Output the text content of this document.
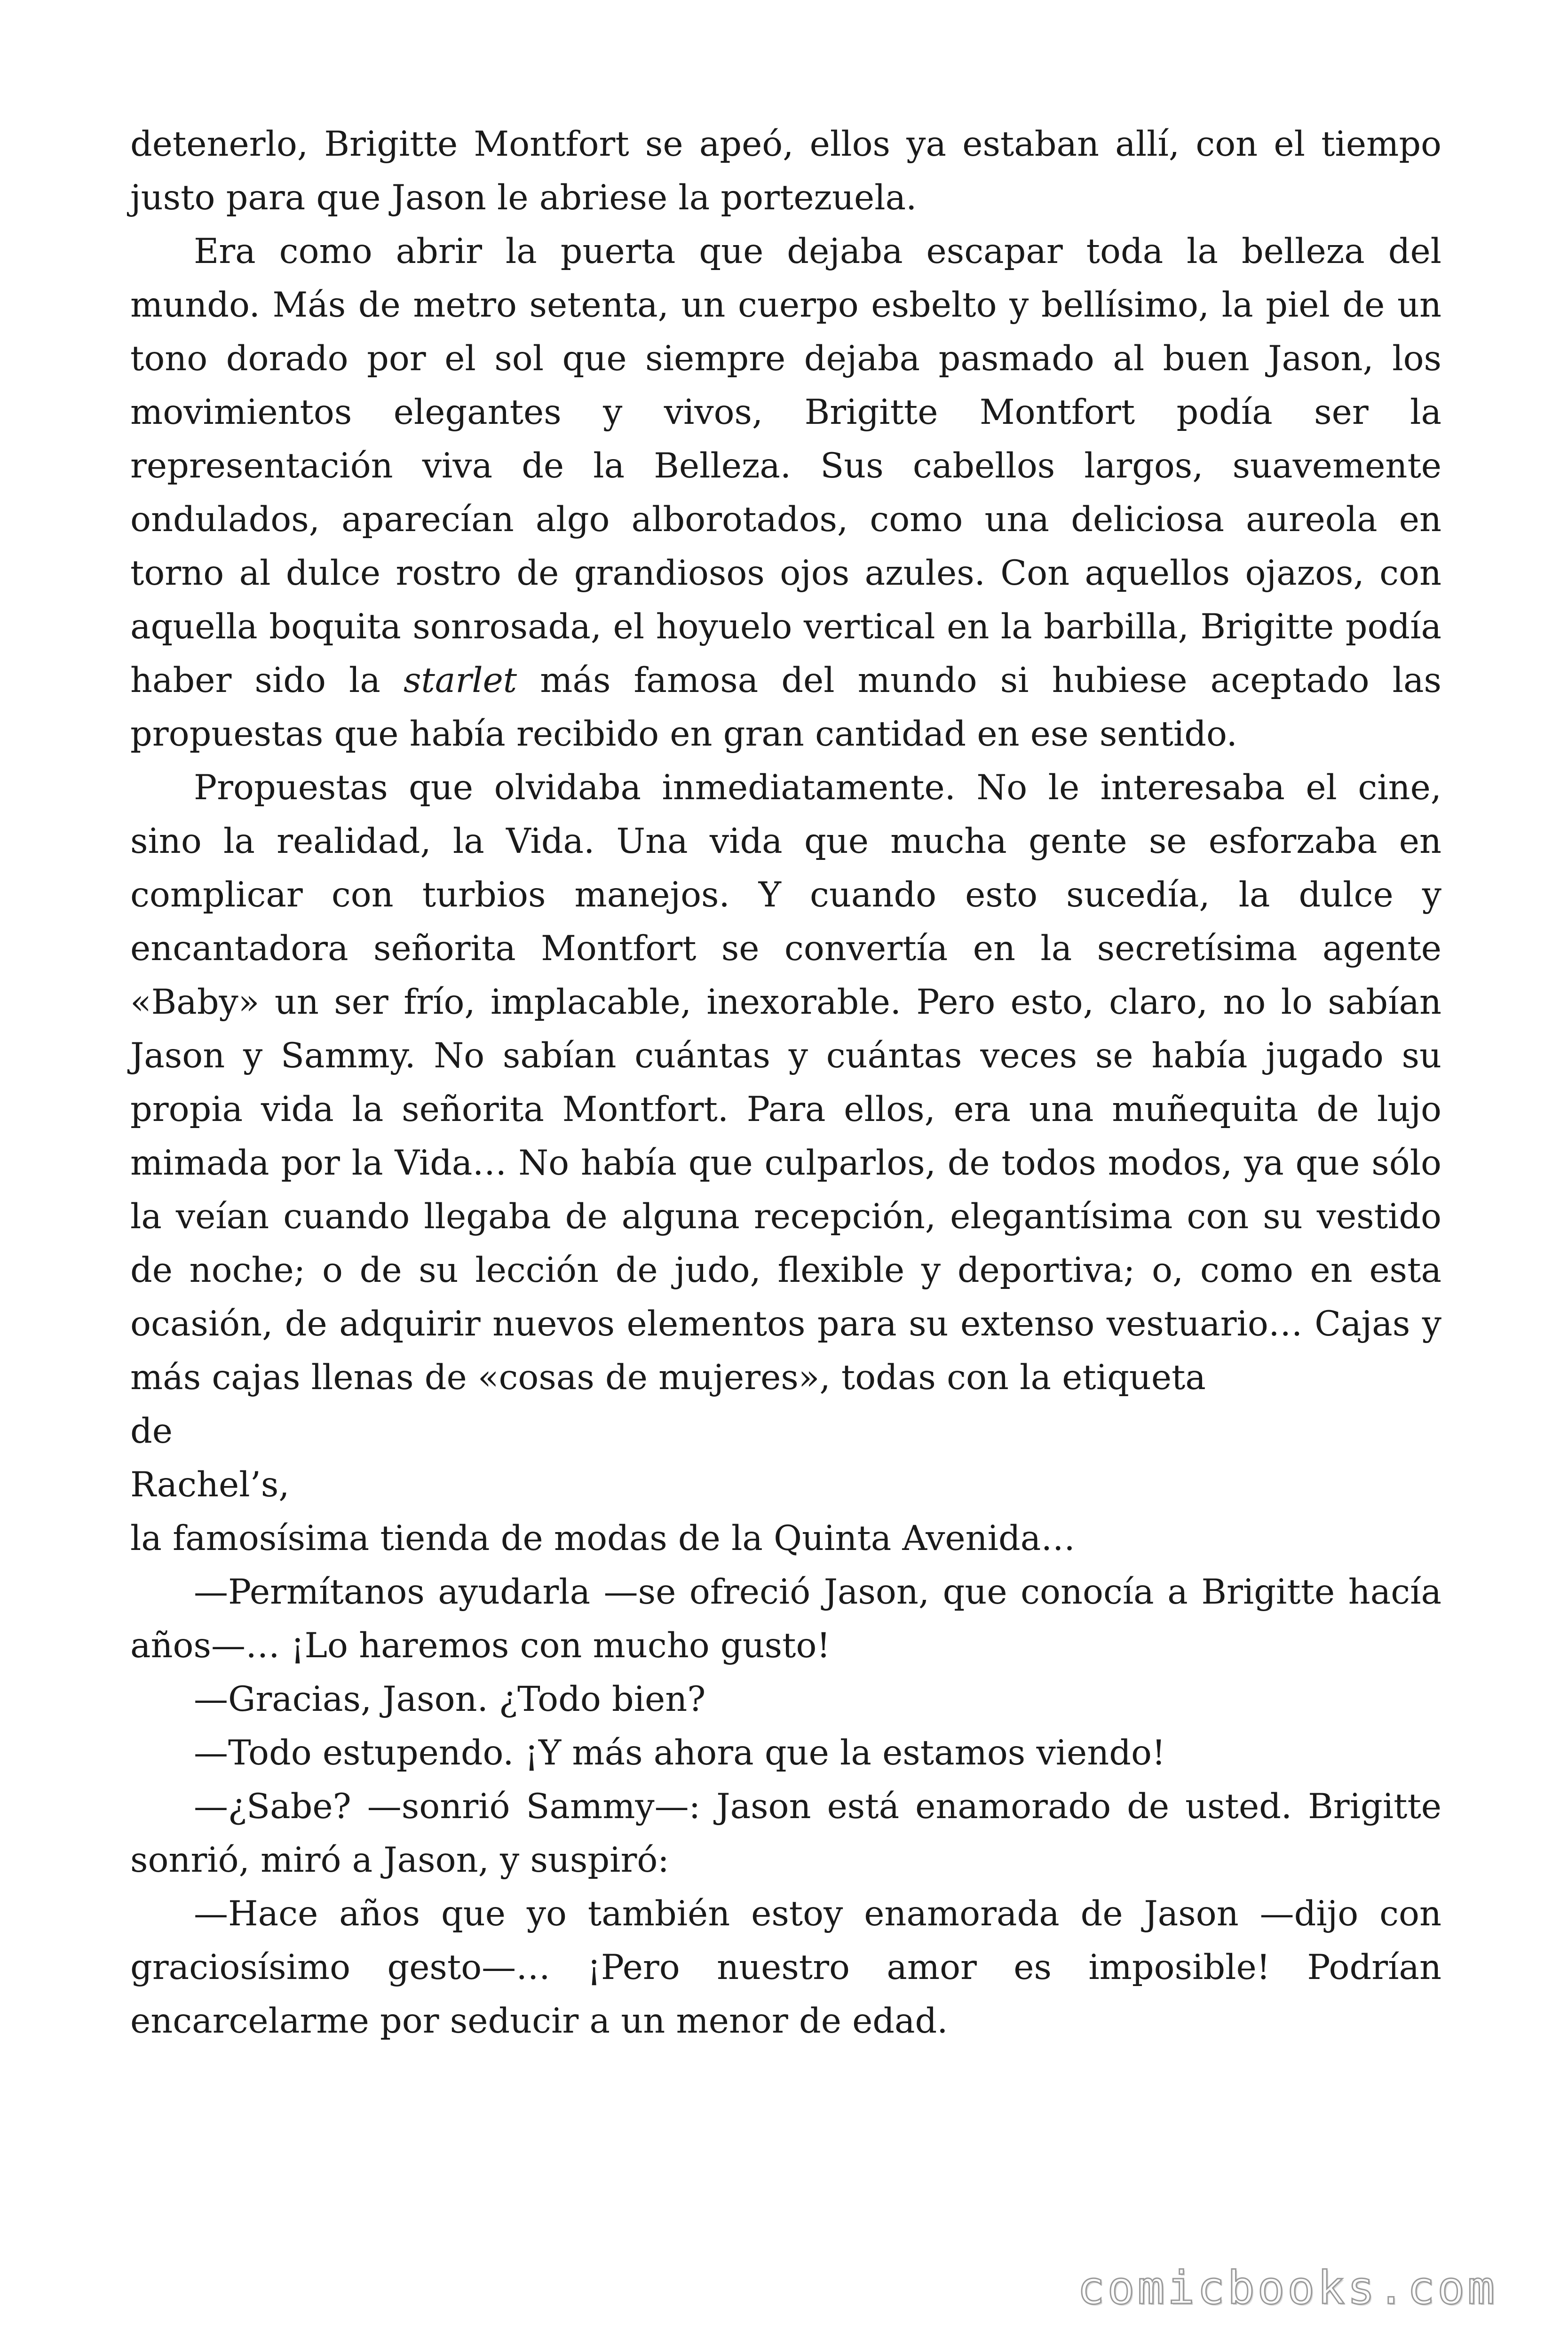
detenerlo, Brigitte Montfort se apeó, ellos ya estaban allí, con el tiempo justo para que Jason le abriese la portezuela.

Era como abrir la puerta que dejaba escapar toda la belleza del mundo. Más de metro setenta, un cuerpo esbelto y bellísimo, la piel de un tono dorado por el sol que siempre dejaba pasmado al buen Jason, los movimientos elegantes y vivos, Brigitte Montfort podía ser la representación viva de la Belleza. Sus cabellos largos, suavemente ondulados, aparecían algo alborotados, como una deliciosa aureola en torno al dulce rostro de grandiosos ojos azules. Con aquellos ojazos, con aquella boquita sonrosada, el hoyuelo vertical en la barbilla, Brigitte podía haber sido la starlet más famosa del mundo si hubiese aceptado las propuestas que había recibido en gran cantidad en ese sentido.

Propuestas que olvidaba inmediatamente. No le interesaba el cine, sino la realidad, la Vida. Una vida que mucha gente se esforzaba en complicar con turbios manejos. Y cuando esto sucedía, la dulce y encantadora señorita Montfort se convertía en la secretísima agente «Baby» un ser frío, implacable, inexorable. Pero esto, claro, no lo sabían Jason y Sammy. No sabían cuántas y cuántas veces se había jugado su propia vida la señorita Montfort. Para ellos, era una muñequita de lujo mimada por la Vida… No había que culparlos, de todos modos, ya que sólo la veían cuando llegaba de alguna recepción, elegantísima con su vestido de noche; o de su lección de judo, flexible y deportiva; o, como en esta ocasión, de adquirir nuevos elementos para su extenso vestuario… Cajas y más cajas llenas de «cosas de mujeres», todas con la etiqueta

de

Rachel’s,

la famosísima tienda de modas de la Quinta Avenida…

—Permítanos ayudarla —se ofreció Jason, que conocía a Brigitte hacía años—… ¡Lo haremos con mucho gusto!

—Gracias, Jason. ¿Todo bien?

—Todo estupendo. ¡Y más ahora que la estamos viendo!

—¿Sabe? —sonrió Sammy—: Jason está enamorado de usted. Brigitte sonrió, miró a Jason, y suspiró:

—Hace años que yo también estoy enamorada de Jason —dijo con graciosísimo gesto—… ¡Pero nuestro amor es imposible! Podrían encarcelarme por seducir a un menor de edad.

comicbooks.com
